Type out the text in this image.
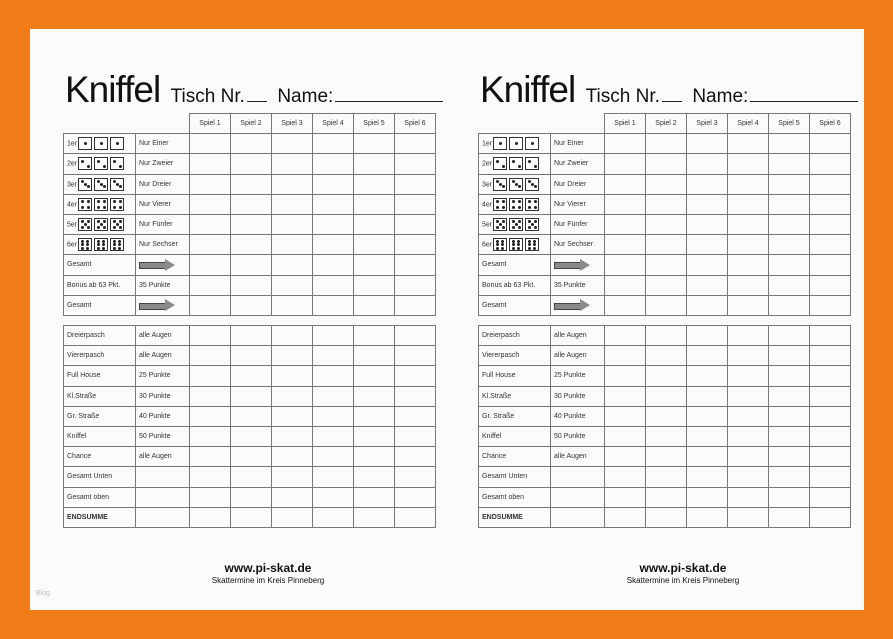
Kniffel Tisch Nr. Name:
		Spiel 1	Spiel 2	Spiel 3	Spiel 4	Spiel 5	Spiel 6
1er	Nur Einer						
2er	Nur Zweier						
3er	Nur Dreier						
4er	Nur Vierer						
5er	Nur Fünfer						
6er	Nur Sechser						
Gesamt							
Bonus ab 63 Pkt.	35 Punkte						
Gesamt							
Dreierpasch	alle Augen						
Viererpasch	alle Augen						
Full House	25 Punkte						
Kl.Straße	30 Punkte						
Gr. Straße	40 Punkte						
Kniffel	50 Punkte						
Chance	alle Augen						
Gesamt Unten							
Gesamt oben							
ENDSUMME							
www.pi-skat.de
Skattermine im Kreis Pinneberg
Kniffel Tisch Nr. Name:
		Spiel 1	Spiel 2	Spiel 3	Spiel 4	Spiel 5	Spiel 6
1er	Nur Einer						
2er	Nur Zweier						
3er	Nur Dreier						
4er	Nur Vierer						
5er	Nur Fünfer						
6er	Nur Sechser						
Gesamt							
Bonus ab 63 Pkt.	35 Punkte						
Gesamt							
Dreierpasch	alle Augen						
Viererpasch	alle Augen						
Full House	25 Punkte						
Kl.Straße	30 Punkte						
Gr. Straße	40 Punkte						
Kniffel	50 Punkte						
Chance	alle Augen						
Gesamt Unten							
Gesamt oben							
ENDSUMME							
www.pi-skat.de
Skattermine im Kreis Pinneberg
Blog
